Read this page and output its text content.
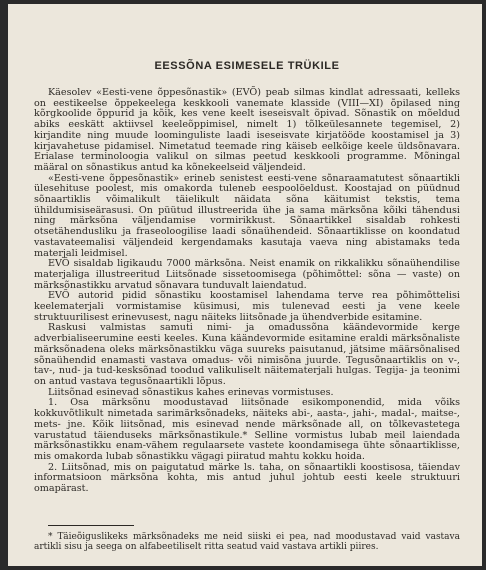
EESSÕNA ESIMESELE TRÜKILE

Käesolev «Eesti-vene õppesõnastik» (EVÕ) peab silmas kindlat adressaati, kelleks on eestikeelse õppekeelega keskkooli vanemate klasside (VIII—XI) õpilased ning kõrgkoolide õppurid ja kõik, kes vene keelt iseseisvalt õpivad. Sõnastik on mõeldud abiks eeskätt aktiivsel keeleõppimisel, nimelt 1) tõlkeülesannete tegemisel, 2) kirjandite ning muude loominguliste laadi iseseisvate kirjatööde koostamisel ja 3) kirjavahetuse pidamisel. Nimetatud teemade ring käiseb eelkõige keele üldsõnavara. Erialase terminoloogia valikul on silmas peetud keskkooli programme. Mõningal määral on sõnastikus antud ka kõnekeelseid väljendeid.

«Eesti-vene õppesõnastik» erineb senistest eesti-vene sõnaraamatutest sõnaartikli ülesehituse poolest, mis omakorda tuleneb eespoolöeldust. Koostajad on püüdnud sõnaartiklis võimalikult täielikult näidata sõna käitumist tekstis, tema ühildumisiseärasusi. On püütud illustreerida ühe ja sama märksõna kõiki tähendusi ning märksõna väljendamise vormirikkust. Sõnaartikkel sisaldab rohkesti otsetähendusliku ja fraseoloogilise laadi sõnaühendeid. Sõnaartiklisse on koondatud vastavateemalisi väljendeid kergendamaks kasutaja vaeva ning abistamaks teda materjali leidmisel.

EVÕ sisaldab ligikaudu 7000 märksõna. Neist enamik on rikkalikku sõnaühendilise materjaliga illustreeritud Liitsõnade sissetoomisega (põhimõttel: sõna — vaste) on märksõnastikku arvatud sõnavara tunduvalt laiendatud.

EVÕ autorid pidid sõnastiku koostamisel lahendama terve rea põhimõttelisi keelematerjali vormistamise küsimusi, mis tulenevad eesti ja vene keele struktuurilisest erinevusest, nagu näiteks liitsõnade ja ühendverbide esitamine.

Raskusi valmistas samuti nimi- ja omadussõna käändevormide kerge adverbialiseerumine eesti keeles. Kuna käändevormide esitamine eraldi märksõnaliste märksõnadena oleks märksõnastikku väga suureks paisutanud, jätsime määrsõnalised sõnaühendid enamasti vastava omadus- või nimisõna juurde. Tegusõnaartiklis on v-, tav-, nud- ja tud-kesksõnad toodud valikuliselt näitematerjali hulgas. Tegija- ja teonimi on antud vastava tegusõnaartikli lõpus.

Liitsõnad esinevad sõnastikus kahes erinevas vormistuses.

1. Osa märksõnu moodustavad liitsõnade esikomponendid, mida võiks kokkuvõtlikult nimetada sarimärksõnadeks, näiteks abi-, aasta-, jahi-, madal-, maitse-, mets- jne. Kõik liitsõnad, mis esinevad nende märksõnade all, on tõlkevastetega varustatud täienduseks märksõnastikule.* Selline vormistus lubab meil laiendada märksõnastikku enam-vähem regulaarsete vastete koondamisega ühte sõnaartiklisse, mis omakorda lubab sõnastikku vägagi piiratud mahtu kokku hoida.

2. Liitsõnad, mis on paigutatud märke ls. taha, on sõnaartikli koostisosa, täiendav informatsioon märksõna kohta, mis antud juhul johtub eesti keele struktuuri omapärast.

* Täieõiguslikeks märksõnadeks me neid siiski ei pea, nad moodustavad vaid vastava artikli sisu ja seega on alfabeetiliselt ritta seatud vaid vastava artikli piires.
